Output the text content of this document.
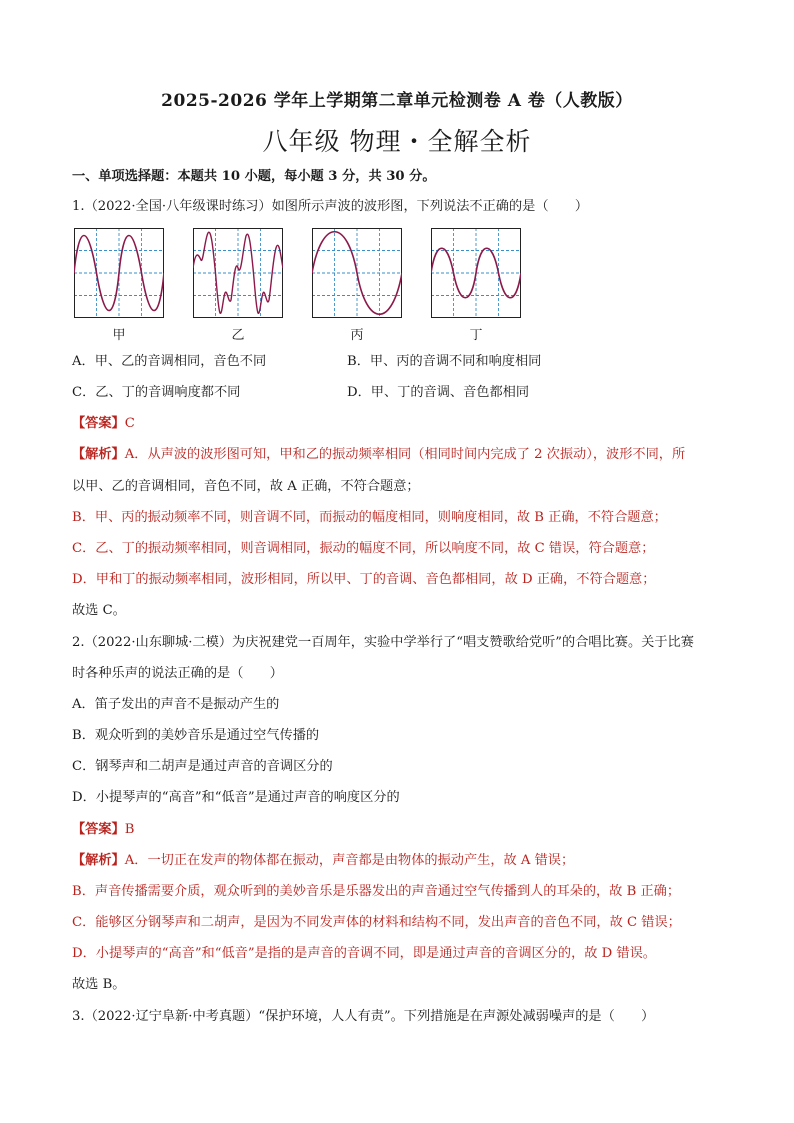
2025-2026 学年上学期第二章单元检测卷 A 卷（人教版）
八年级 物理・全解全析
一、单项选择题：本题共 10 小题，每小题 3 分，共 30 分。
1.（2022·全国·八年级课时练习）如图所示声波的波形图，下列说法不正确的是（　　）
甲	乙	丙	丁
A．甲、乙的音调相同，音色不同	B．甲、丙的音调不同和响度相同
C．乙、丁的音调响度都不同	D．甲、丁的音调、音色都相同
【答案】C
【解析】A．从声波的波形图可知，甲和乙的振动频率相同（相同时间内完成了 2 次振动），波形不同，所
以甲、乙的音调相同，音色不同，故 A 正确，不符合题意；
B．甲、丙的振动频率不同，则音调不同，而振动的幅度相同，则响度相同，故 B 正确，不符合题意；
C．乙、丁的振动频率相同，则音调相同，振动的幅度不同，所以响度不同，故 C 错误，符合题意；
D．甲和丁的振动频率相同，波形相同，所以甲、丁的音调、音色都相同，故 D 正确，不符合题意；
故选 C。
2.（2022·山东聊城·二模）为庆祝建党一百周年，实验中学举行了“唱支赞歌给党听”的合唱比赛。关于比赛
时各种乐声的说法正确的是（　　）
A．笛子发出的声音不是振动产生的
B．观众听到的美妙音乐是通过空气传播的
C．钢琴声和二胡声是通过声音的音调区分的
D．小提琴声的“高音”和“低音”是通过声音的响度区分的
【答案】B
【解析】A．一切正在发声的物体都在振动，声音都是由物体的振动产生，故 A 错误；
B．声音传播需要介质，观众听到的美妙音乐是乐器发出的声音通过空气传播到人的耳朵的，故 B 正确；
C．能够区分钢琴声和二胡声，是因为不同发声体的材料和结构不同，发出声音的音色不同，故 C 错误；
D．小提琴声的“高音”和“低音”是指的是声音的音调不同，即是通过声音的音调区分的，故 D 错误。
故选 B。
3.（2022·辽宁阜新·中考真题）“保护环境，人人有责”。下列措施是在声源处减弱噪声的是（　　）
